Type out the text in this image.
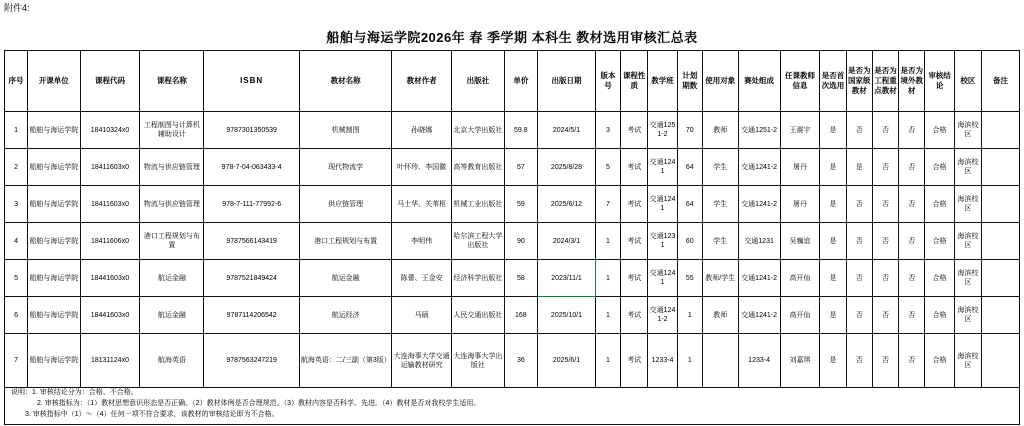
附件4:
船舶与海运学院2026年 春 季学期 本科生 教材选用审核汇总表
序号	开课单位	课程代码	课程名称	ISBN	教材名称	教材作者	出版社	单价	出版日期	版本号	课程性质	教学班	计划期数	使用对象	赛处组成	任课教师信息	是否首次选用	是否为国家级教材	是否为工程重点教材	是否为境外教材	审核结论	校区	备注
1	船舶与海运学院	18410324x0	工程制图与计算机辅助设计	9787301350539	机械制图	孙晓娜	北京大学出版社	59.8	2024/5/1	3	考试	交通1251-2	70	教师	交通1251-2	王震宇	是	否	否	否	合格	海滨校区	
2	船舶与海运学院	18411603x0	物流与供应链管理	978-7-04-063433-4	现代物流学	叶怀珍、李国徽	高等教育出版社	57	2025/8/28	5	考试	交通1241	64	学生	交通1241-2	屠丹	是	是	否	否	合格	海滨校区	
3	船舶与海运学院	18411603x0	物流与供应链管理	978-7-111-77992-6	供应链管理	马士华、关苇枢	机械工业出版社	59	2025/6/12	7	考试	交通1241	64	学生	交通1241-2	屠丹	是	否	否	否	合格	海滨校区	
4	船舶与海运学院	18411606x0	港口工程规划与布置	9787566143419	港口工程规划与布置	李明伟	哈尔滨工程大学出版社	90	2024/3/1	1	考试	交通1231	60	学生	交通1231	吴巍谊	是	否	否	否	合格	海滨校区	
5	船舶与海运学院	18441603x0	航运金融	9787521849424	航运金融	陈蕾、王金安	经济科学出版社	58	2023/11/1	1	考试	交通1241	55	教师/学生	交通1241-2	高开仙	是	否	否	否	合格	海滨校区	
6	船舶与海运学院	18441603x0	航运金融	9787114206542	航运经济	马硕	人民交通出版社	168	2025/10/1	1	考试	交通1241-2	1	教师	交通1241-2	高开仙	是	否	否	否	合格	海滨校区	
7	船舶与海运学院	18131124x0	航海英语	9787563247219	航海英语：二/三副（第3版）	大连海事大学交通运输教材研究	大连海事大学出版社	36	2025/6/1	1	考试	1233-4	1		1233-4	刘嘉琪	是	否	否	否	合格	海滨校区	
说明：1. 审核结论分为：合格、不合格。
2. 审核指标为：（1）教材思想意识形态是否正确。（2）教材体例是否合理规范。（3）教材内容是否科学、先进。（4）教材是否对我校学生适用。
3. 审核指标中（1）～（4）任何一项不符合要求，该教材的审核结论即为不合格。
